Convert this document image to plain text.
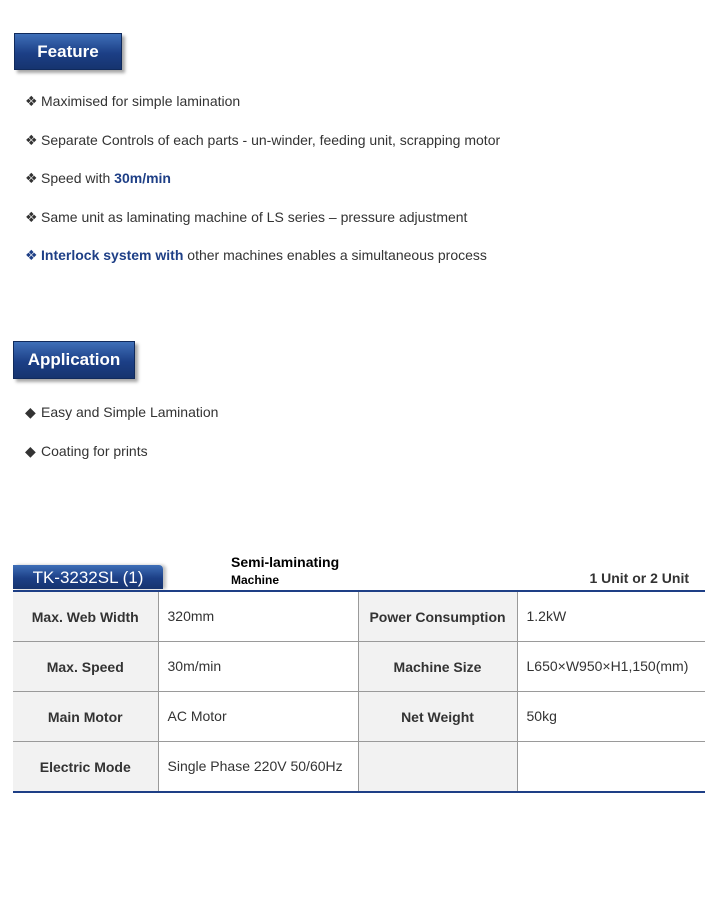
Feature
❖ Maximised for simple lamination
❖ Separate Controls of each parts - un-winder, feeding unit, scrapping motor
❖ Speed with 30m/min
❖ Same unit as laminating machine of LS series – pressure adjustment
❖ Interlock system with other machines enables a simultaneous process
Application
◆ Easy and Simple Lamination
◆ Coating for prints
TK-3232SL (1)
Semi-laminating
Machine	1 Unit or 2 Unit
Max. Web Width	320mm	Power Consumption	1.2kW
Max. Speed	30m/min	Machine Size	L650×W950×H1,150(mm)
Main Motor	AC Motor	Net Weight	50kg
Electric Mode	Single Phase 220V 50/60Hz		
